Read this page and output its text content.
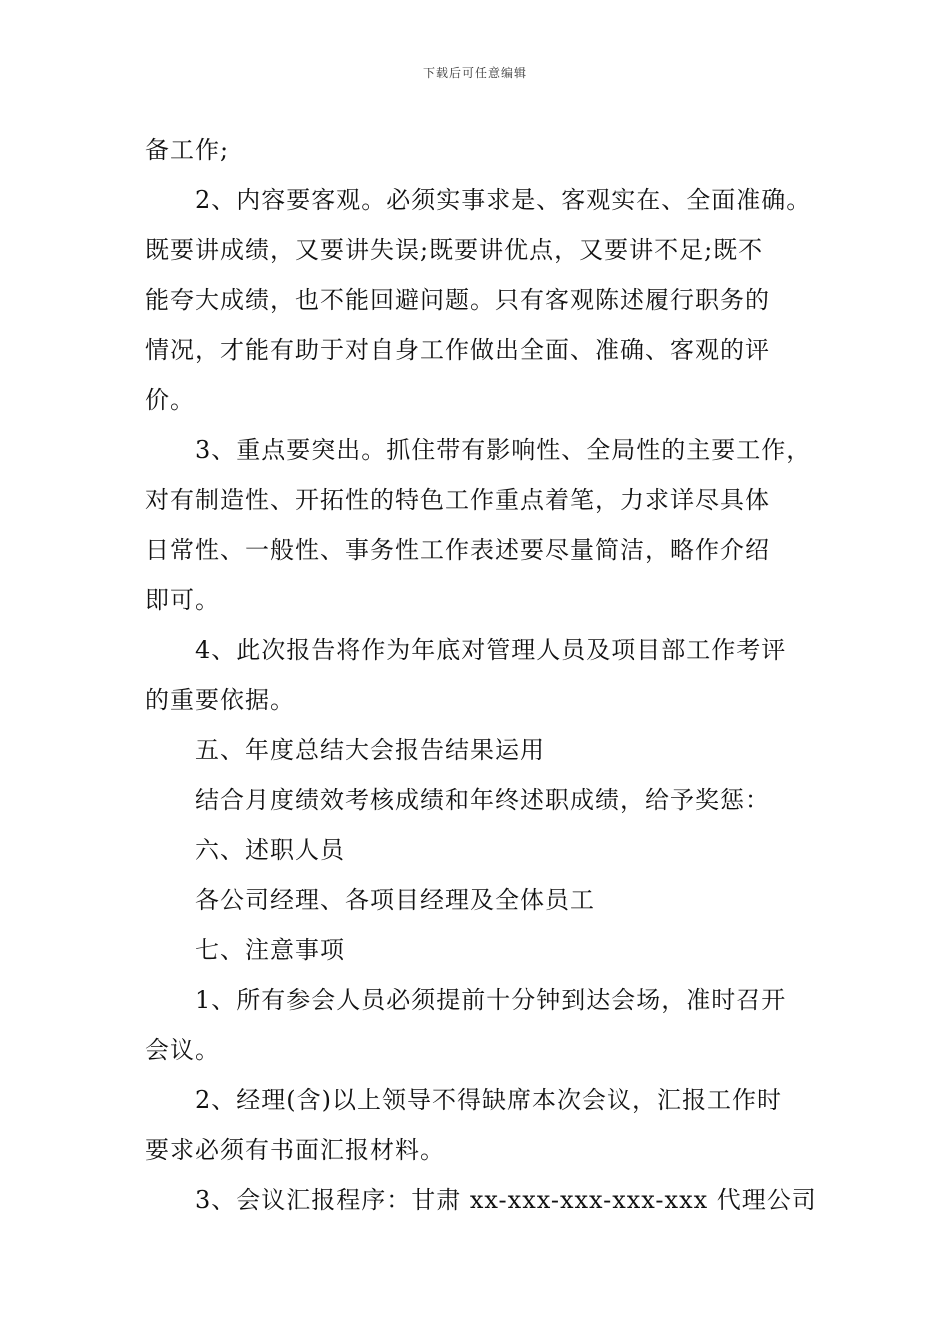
下载后可任意编辑
备工作;
2、内容要客观。必须实事求是、客观实在、全面准确。
既要讲成绩，又要讲失误;既要讲优点，又要讲不足;既不
能夸大成绩，也不能回避问题。只有客观陈述履行职务的
情况，才能有助于对自身工作做出全面、准确、客观的评
价。
3、重点要突出。抓住带有影响性、全局性的主要工作，
对有制造性、开拓性的特色工作重点着笔，力求详尽具体
日常性、一般性、事务性工作表述要尽量简洁，略作介绍
即可。
4、此次报告将作为年底对管理人员及项目部工作考评
的重要依据。
五、年度总结大会报告结果运用
结合月度绩效考核成绩和年终述职成绩，给予奖惩：
六、述职人员
各公司经理、各项目经理及全体员工
七、注意事项
1、所有参会人员必须提前十分钟到达会场，准时召开
会议。
2、经理(含)以上领导不得缺席本次会议，汇报工作时
要求必须有书面汇报材料。
3、会议汇报程序：甘肃 xx-xxx-xxx-xxx-xxx 代理公司
